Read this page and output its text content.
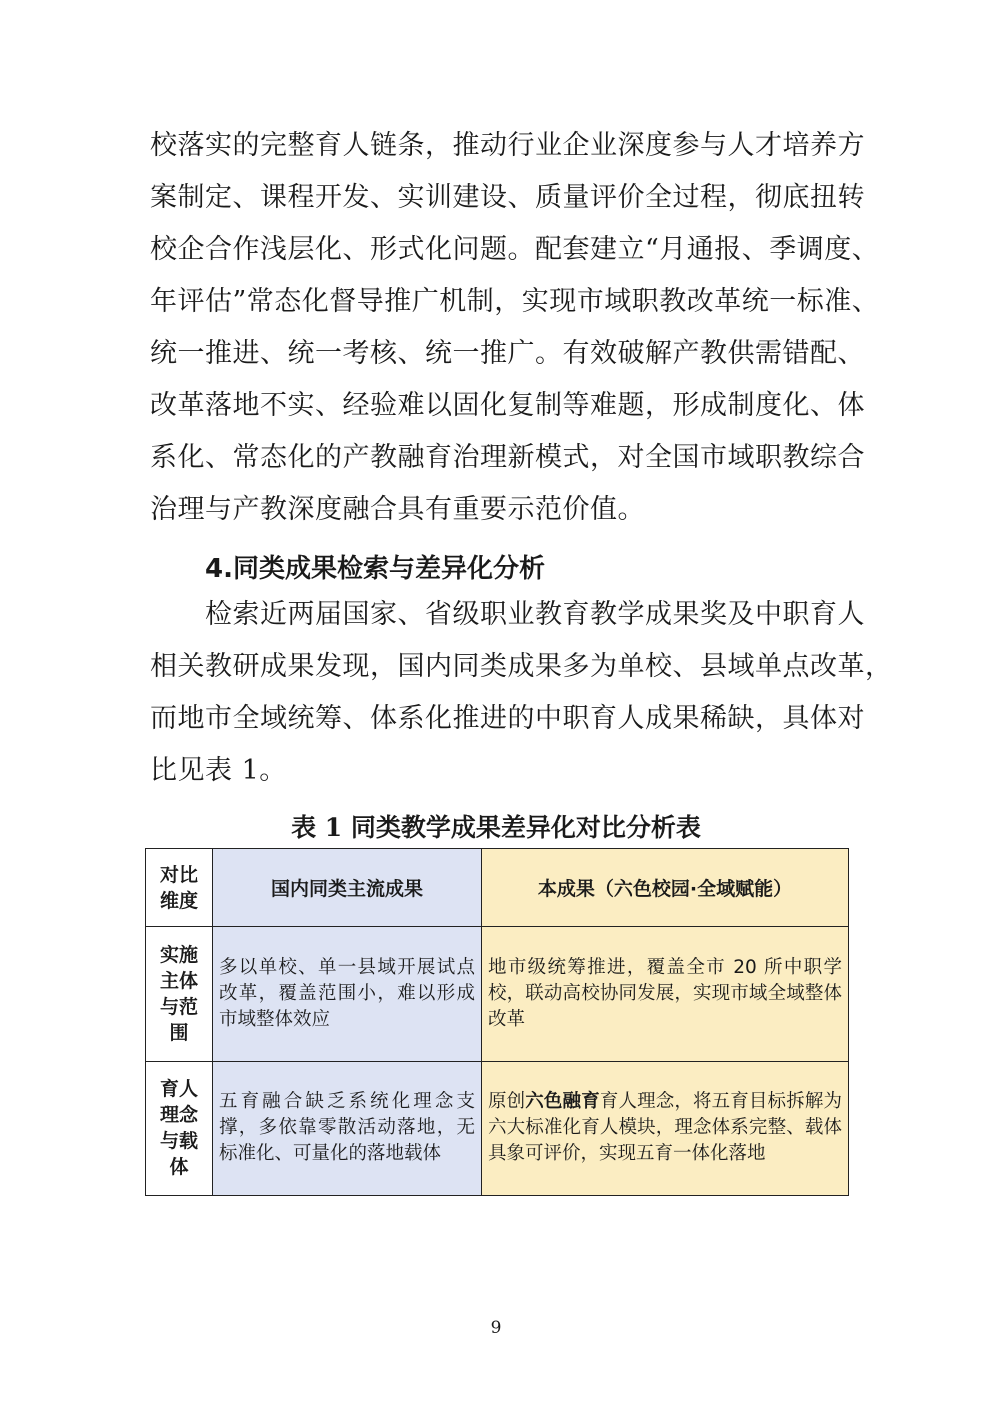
校落实的完整育人链条，推动行业企业深度参与人才培养方
案制定、课程开发、实训建设、质量评价全过程，彻底扭转
校企合作浅层化、形式化问题。配套建立“月通报、季调度、
年评估”常态化督导推广机制，实现市域职教改革统一标准、
统一推进、统一考核、统一推广。有效破解产教供需错配、
改革落地不实、经验难以固化复制等难题，形成制度化、体
系化、常态化的产教融育治理新模式，对全国市域职教综合
治理与产教深度融合具有重要示范价值。
4.同类成果检索与差异化分析
检索近两届国家、省级职业教育教学成果奖及中职育人
相关教研成果发现，国内同类成果多为单校、县域单点改革，
而地市全域统筹、体系化推进的中职育人成果稀缺，具体对
比见表 1。
表 1 同类教学成果差异化对比分析表
对比维度	国内同类主流成果	本成果（六色校园·全域赋能）
实施主体与范围	多以单校、单一县域开展试点改革，覆盖范围小，难以形成市域整体效应	地市级统筹推进，覆盖全市 20 所中职学校，联动高校协同发展，实现市域全域整体改革
育人理念与载体	五育融合缺乏系统化理念支撑，多依靠零散活动落地，无标准化、可量化的落地载体	原创六色融育育人理念，将五育目标拆解为六大标准化育人模块，理念体系完整、载体具象可评价，实现五育一体化落地
9
